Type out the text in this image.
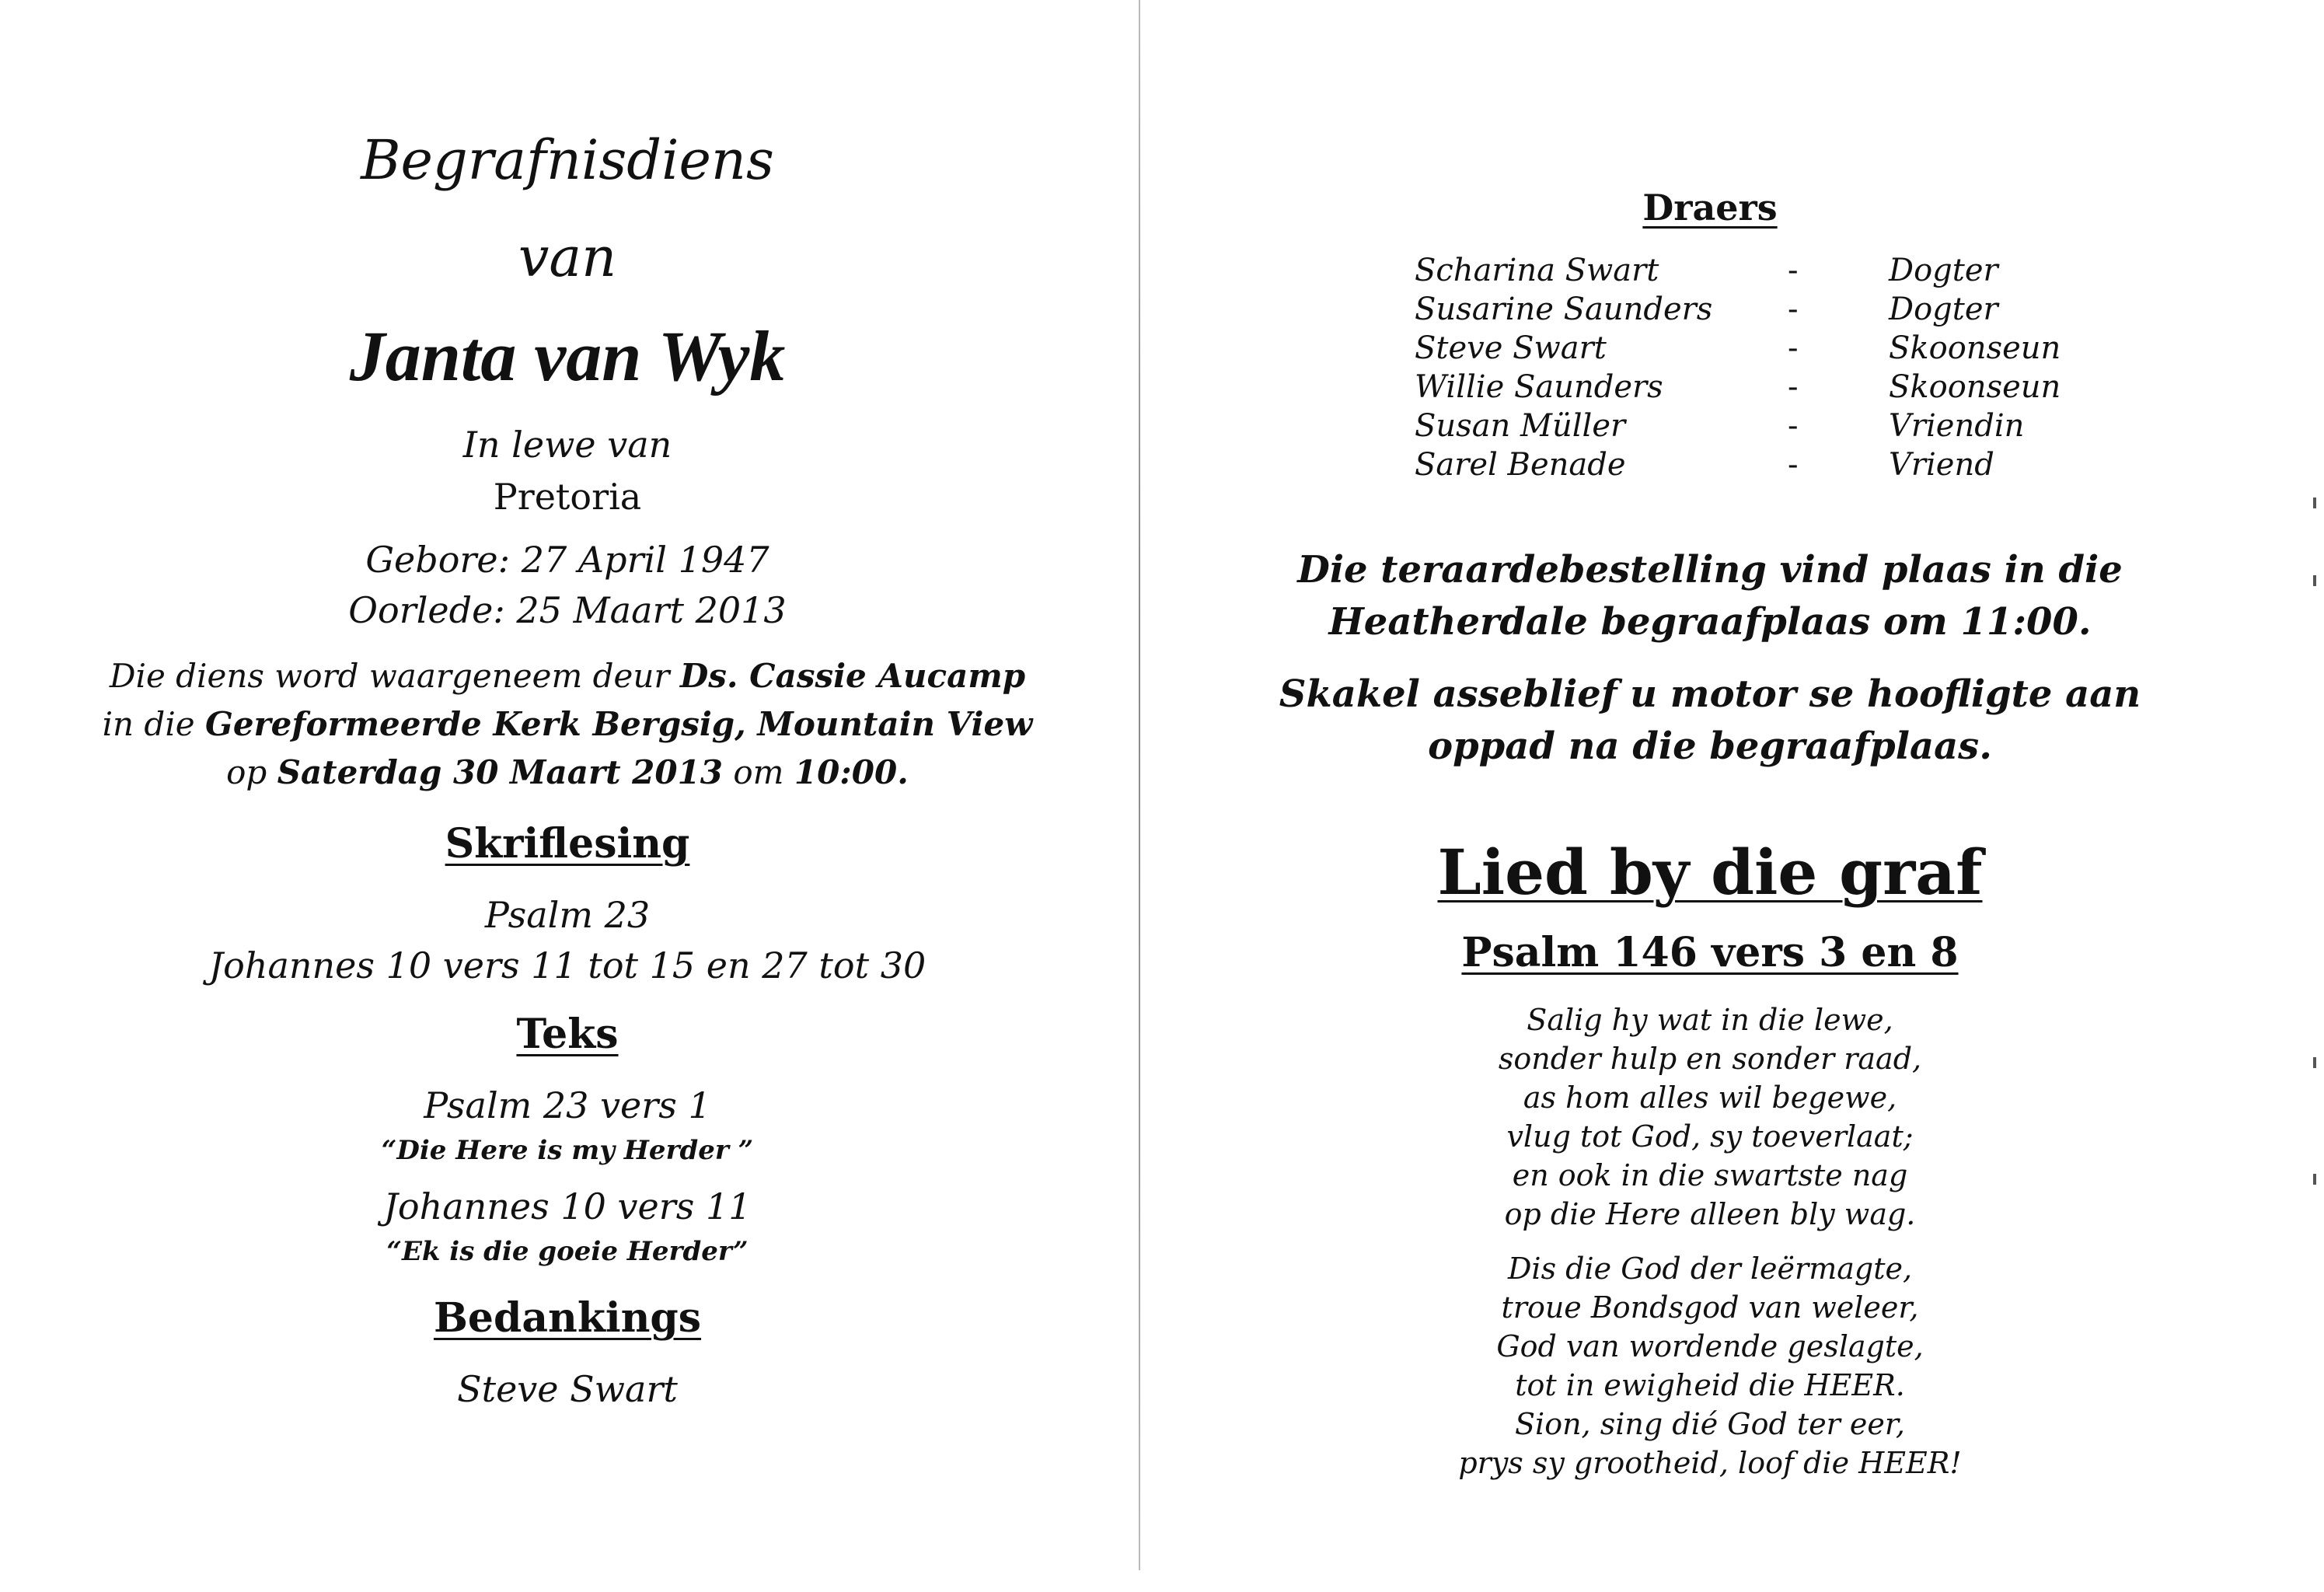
Begrafnisdiens
van
Janta van Wyk
In lewe van
Pretoria
Gebore: 27 April 1947
Oorlede: 25 Maart 2013
Die diens word waargeneem deur Ds. Cassie Aucamp
in die Gereformeerde Kerk Bergsig, Mountain View
op Saterdag 30 Maart 2013 om 10:00.
Skriflesing
Psalm 23
Johannes 10 vers 11 tot 15 en 27 tot 30
Teks
Psalm 23 vers 1
“Die Here is my Herder ”
Johannes 10 vers 11
“Ek is die goeie Herder”
Bedankings
Steve Swart
Draers
Scharina Swart	-	Dogter
Susarine Saunders -	Dogter
Steve Swart	-	Skoonseun
Willie Saunders	-	Skoonseun
Susan Müller	-	Vriendin
Sarel Benade	-	Vriend
Die teraardebestelling vind plaas in die
Heatherdale begraafplaas om 11:00.
Skakel asseblief u motor se hoofligte aan
oppad na die begraafplaas.
Lied by die graf
Psalm 146 vers 3 en 8
Salig hy wat in die lewe,
sonder hulp en sonder raad,
as hom alles wil begewe,
vlug tot God, sy toeverlaat;
en ook in die swartste nag
op die Here alleen bly wag.
Dis die God der leërmagte,
troue Bondsgod van weleer,
God van wordende geslagte,
tot in ewigheid die HEER.
Sion, sing dié God ter eer,
prys sy grootheid, loof die HEER!
